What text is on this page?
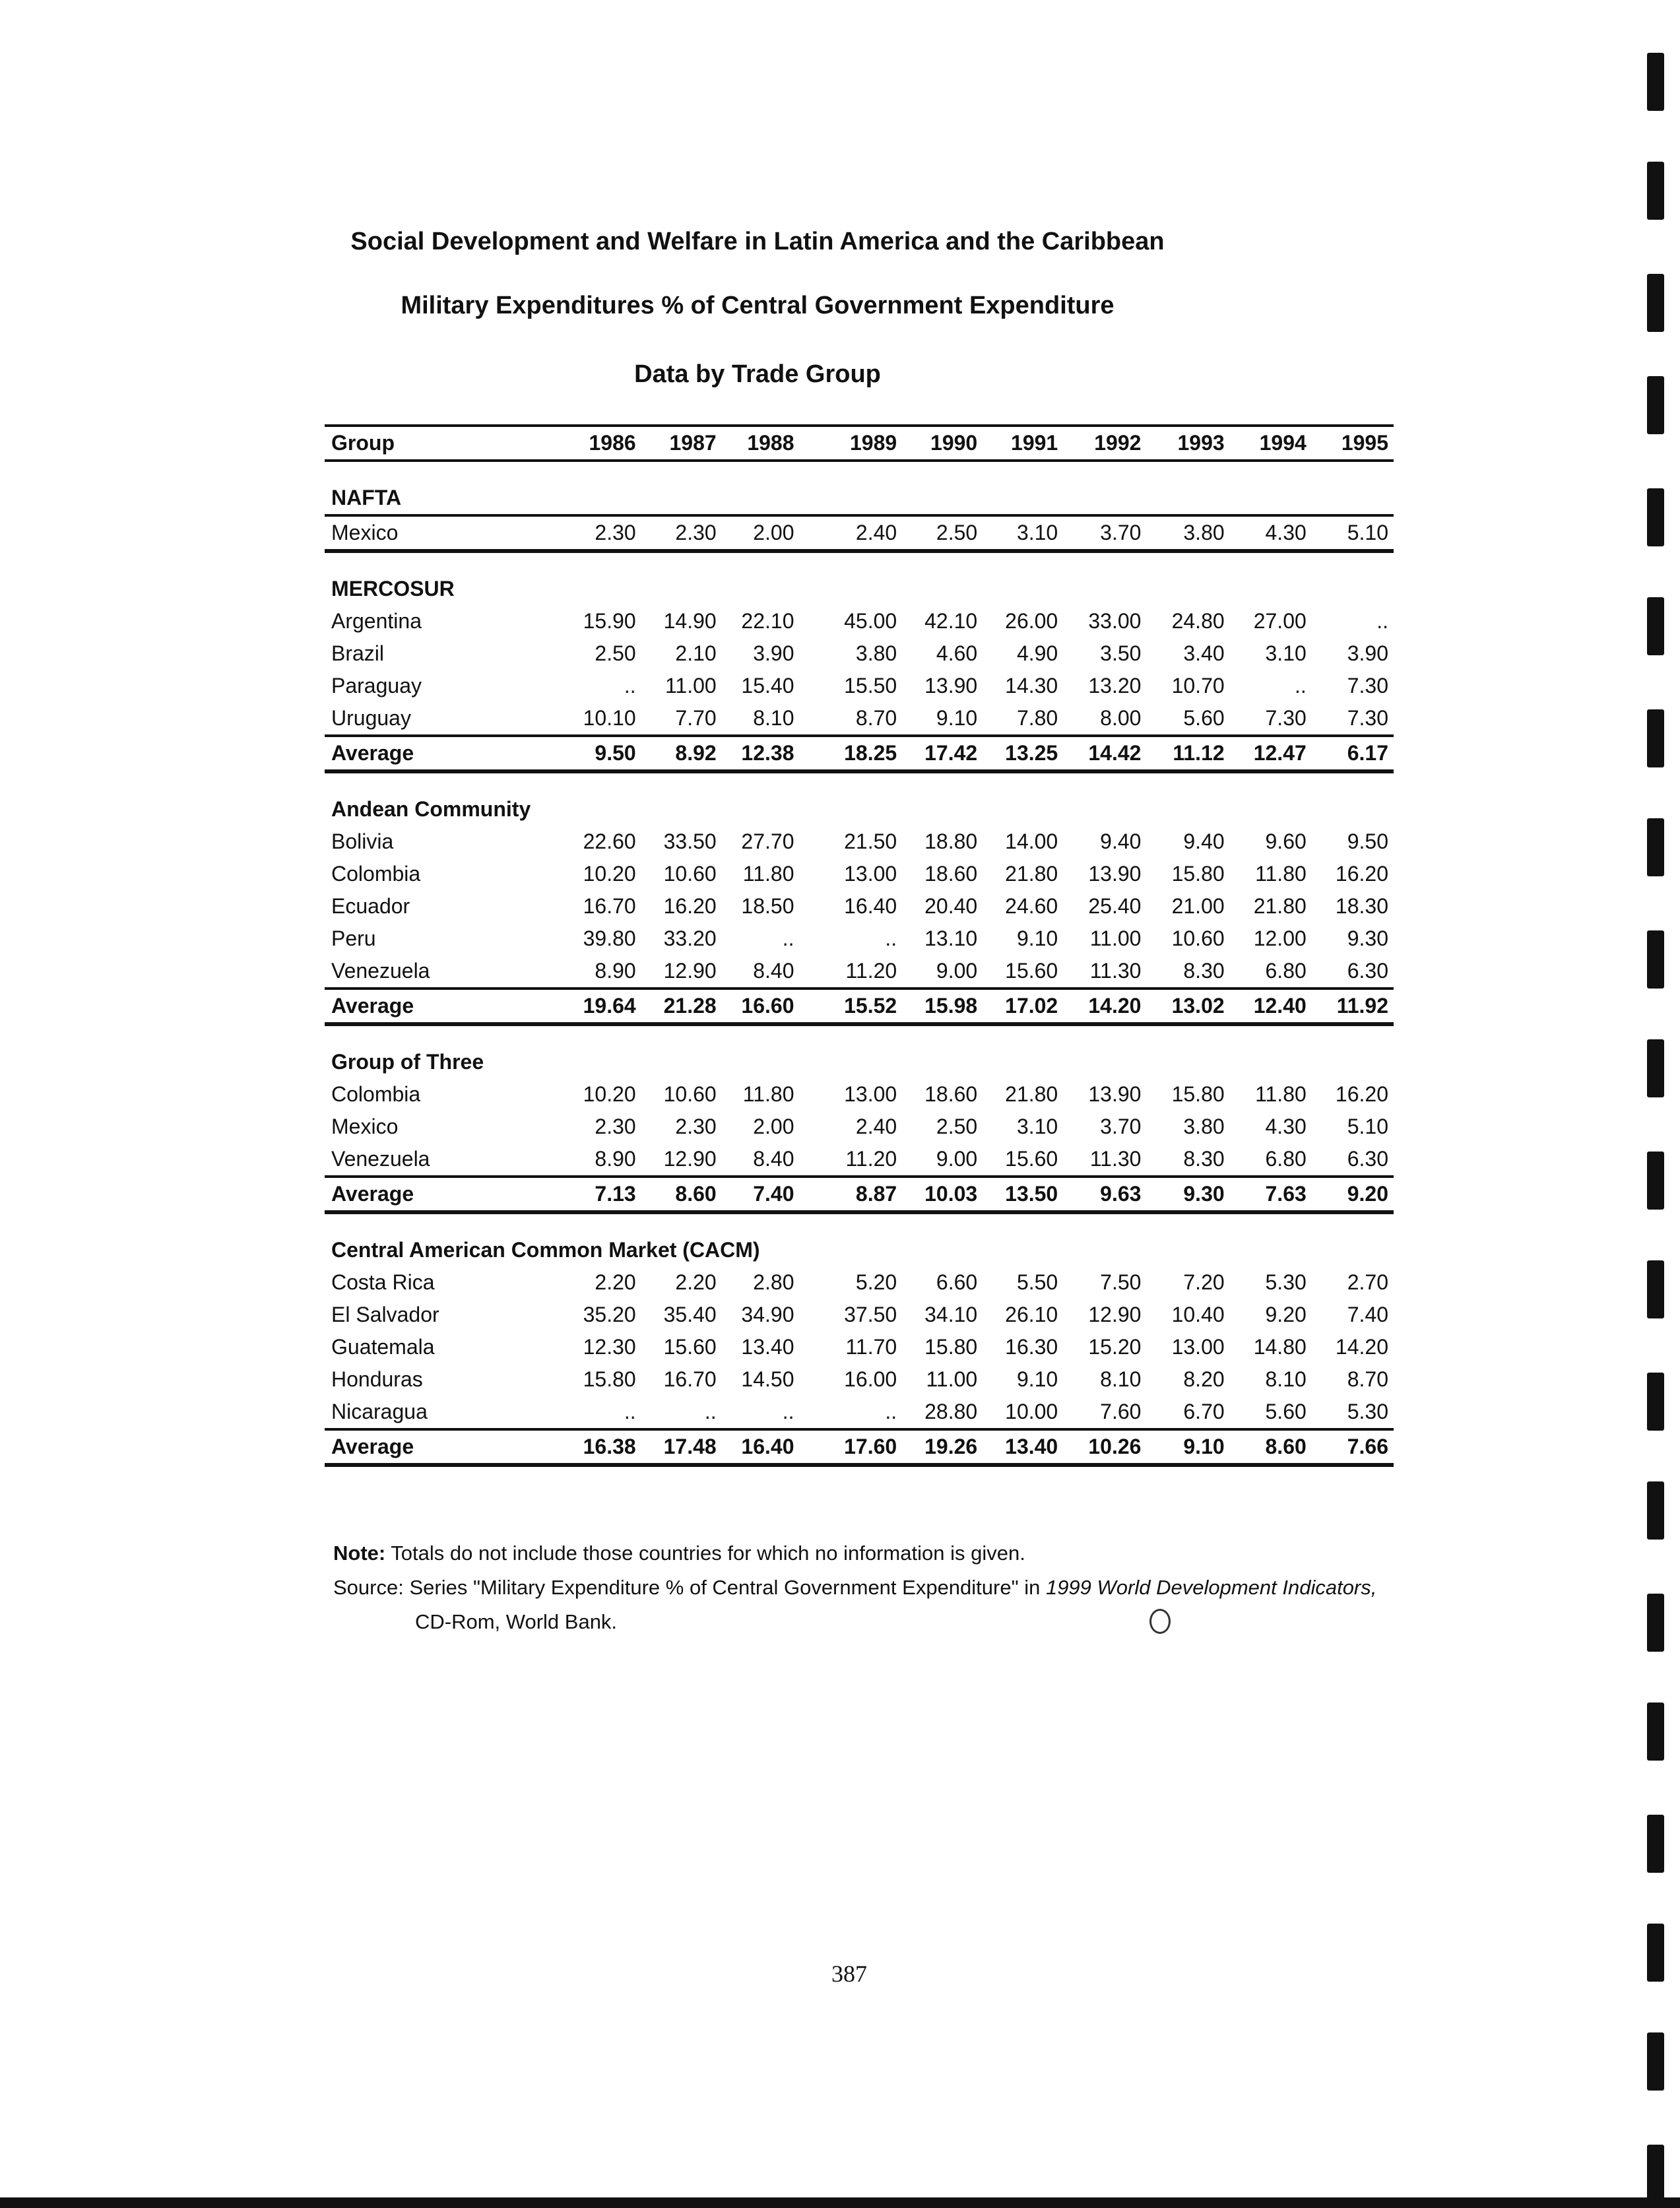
Social Development and Welfare in Latin America and the Caribbean
Military Expenditures % of Central Government Expenditure
Data by Trade Group
Group	1986	1987	1988	1989	1990	1991	1992	1993	1994	1995
NAFTA										
Mexico	2.30	2.30	2.00	2.40	2.50	3.10	3.70	3.80	4.30	5.10
MERCOSUR										
Argentina	15.90	14.90	22.10	45.00	42.10	26.00	33.00	24.80	27.00	..
Brazil	2.50	2.10	3.90	3.80	4.60	4.90	3.50	3.40	3.10	3.90
Paraguay	..	11.00	15.40	15.50	13.90	14.30	13.20	10.70	..	7.30
Uruguay	10.10	7.70	8.10	8.70	9.10	7.80	8.00	5.60	7.30	7.30
Average	9.50	8.92	12.38	18.25	17.42	13.25	14.42	11.12	12.47	6.17
Andean Community										
Bolivia	22.60	33.50	27.70	21.50	18.80	14.00	9.40	9.40	9.60	9.50
Colombia	10.20	10.60	11.80	13.00	18.60	21.80	13.90	15.80	11.80	16.20
Ecuador	16.70	16.20	18.50	16.40	20.40	24.60	25.40	21.00	21.80	18.30
Peru	39.80	33.20	..	..	13.10	9.10	11.00	10.60	12.00	9.30
Venezuela	8.90	12.90	8.40	11.20	9.00	15.60	11.30	8.30	6.80	6.30
Average	19.64	21.28	16.60	15.52	15.98	17.02	14.20	13.02	12.40	11.92
Group of Three										
Colombia	10.20	10.60	11.80	13.00	18.60	21.80	13.90	15.80	11.80	16.20
Mexico	2.30	2.30	2.00	2.40	2.50	3.10	3.70	3.80	4.30	5.10
Venezuela	8.90	12.90	8.40	11.20	9.00	15.60	11.30	8.30	6.80	6.30
Average	7.13	8.60	7.40	8.87	10.03	13.50	9.63	9.30	7.63	9.20
Central American Common Market (CACM)										
Costa Rica	2.20	2.20	2.80	5.20	6.60	5.50	7.50	7.20	5.30	2.70
El Salvador	35.20	35.40	34.90	37.50	34.10	26.10	12.90	10.40	9.20	7.40
Guatemala	12.30	15.60	13.40	11.70	15.80	16.30	15.20	13.00	14.80	14.20
Honduras	15.80	16.70	14.50	16.00	11.00	9.10	8.10	8.20	8.10	8.70
Nicaragua	..	..	..	..	28.80	10.00	7.60	6.70	5.60	5.30
Average	16.38	17.48	16.40	17.60	19.26	13.40	10.26	9.10	8.60	7.66
Note: Totals do not include those countries for which no information is given.
Source: Series "Military Expenditure % of Central Government Expenditure" in 1999 World Development Indicators,
CD-Rom, World Bank.
387
